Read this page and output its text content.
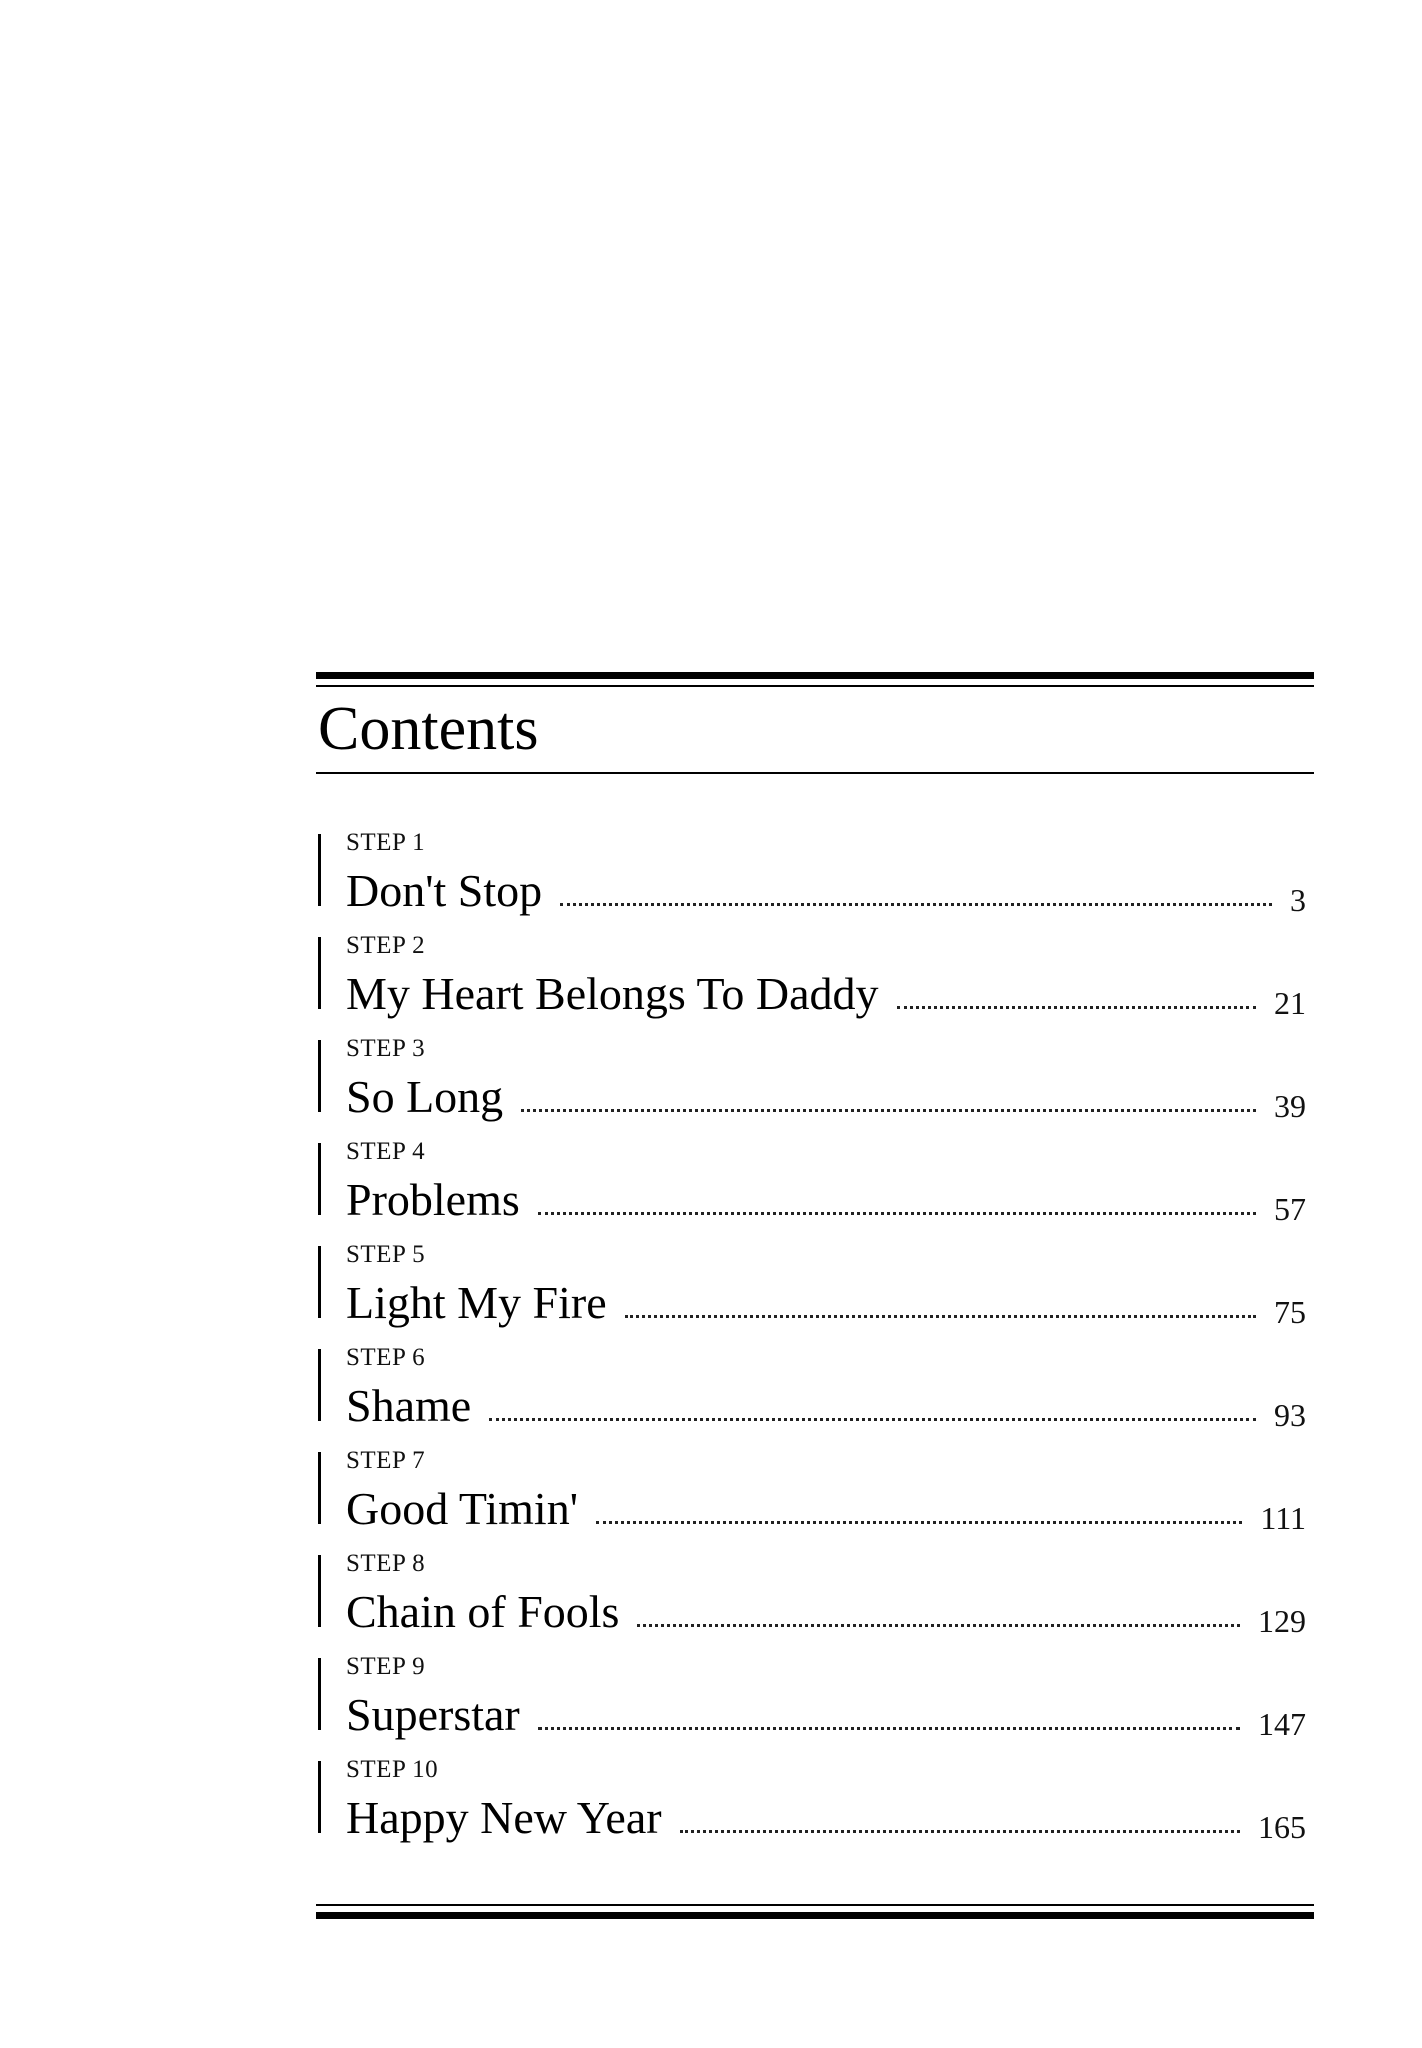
Contents
STEP 1
Don't Stop	3
STEP 2
My Heart Belongs To Daddy	21
STEP 3
So Long	39
STEP 4
Problems	57
STEP 5
Light My Fire	75
STEP 6
Shame	93
STEP 7
Good Timin'	111
STEP 8
Chain of Fools	129
STEP 9
Superstar	147
STEP 10
Happy New Year	165
